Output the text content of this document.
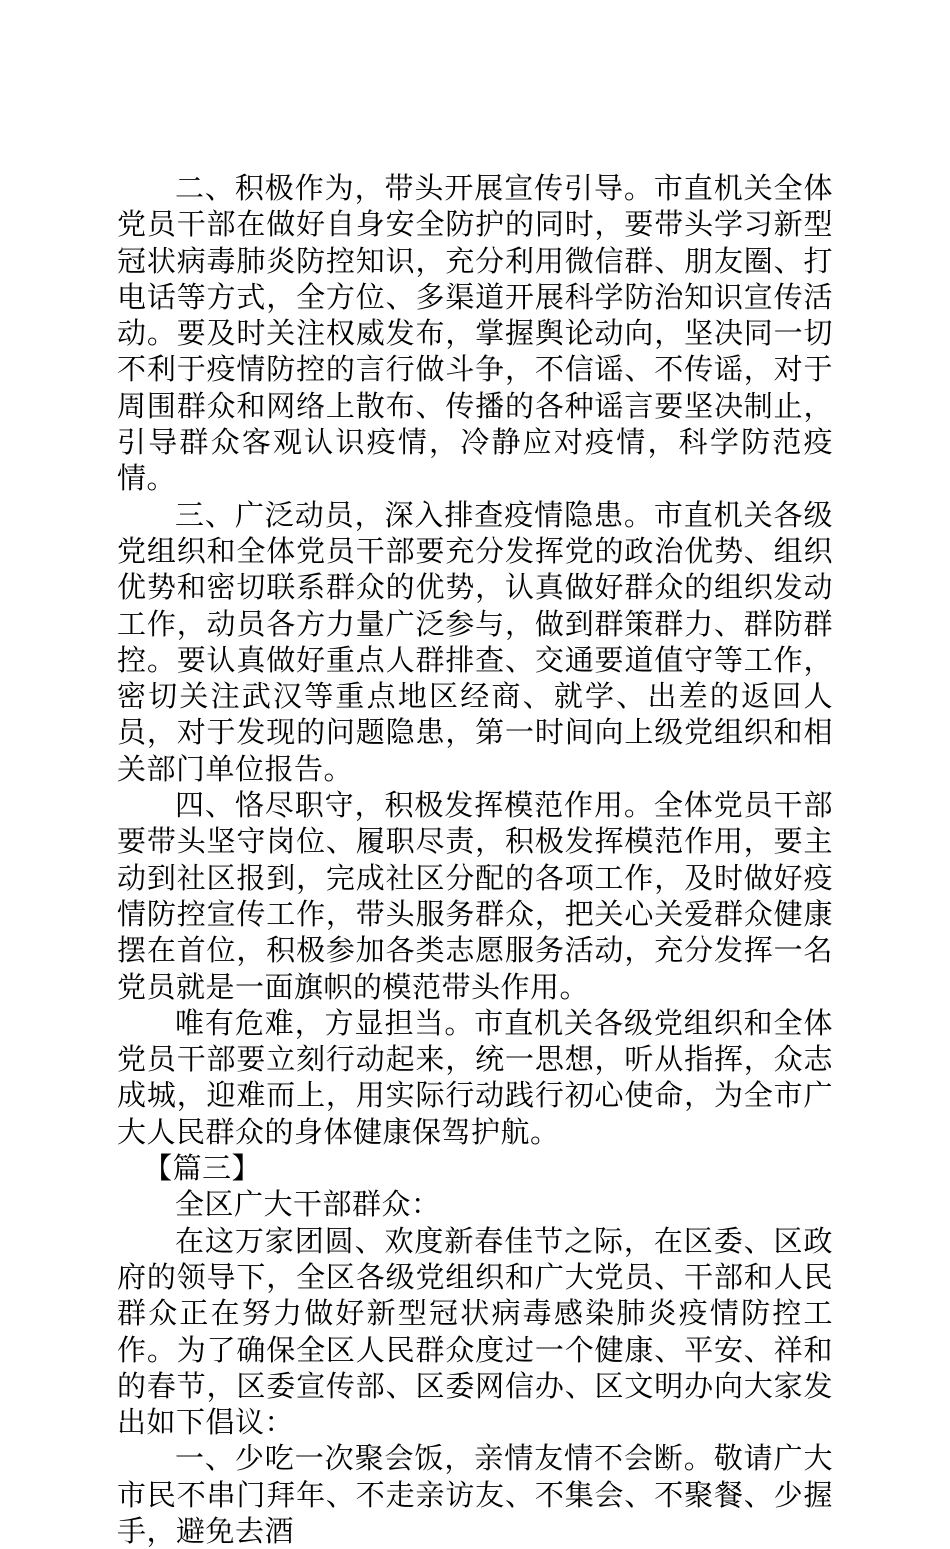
二、积极作为，带头开展宣传引导。市直机关全体党员干部在做好自身安全防护的同时，要带头学习新型冠状病毒肺炎防控知识，充分利用微信群、朋友圈、打电话等方式，全方位、多渠道开展科学防治知识宣传活动。要及时关注权威发布，掌握舆论动向，坚决同一切不利于疫情防控的言行做斗争，不信谣、不传谣，对于周围群众和网络上散布、传播的各种谣言要坚决制止，引导群众客观认识疫情，冷静应对疫情，科学防范疫情。

三、广泛动员，深入排查疫情隐患。市直机关各级党组织和全体党员干部要充分发挥党的政治优势、组织优势和密切联系群众的优势，认真做好群众的组织发动工作，动员各方力量广泛参与，做到群策群力、群防群控。要认真做好重点人群排查、交通要道值守等工作，密切关注武汉等重点地区经商、就学、出差的返回人员，对于发现的问题隐患，第一时间向上级党组织和相关部门单位报告。

四、恪尽职守，积极发挥模范作用。全体党员干部要带头坚守岗位、履职尽责，积极发挥模范作用，要主动到社区报到，完成社区分配的各项工作，及时做好疫情防控宣传工作，带头服务群众，把关心关爱群众健康摆在首位，积极参加各类志愿服务活动，充分发挥一名党员就是一面旗帜的模范带头作用。

唯有危难，方显担当。市直机关各级党组织和全体党员干部要立刻行动起来，统一思想，听从指挥，众志成城，迎难而上，用实际行动践行初心使命，为全市广大人民群众的身体健康保驾护航。

【篇三】

全区广大干部群众：

在这万家团圆、欢度新春佳节之际，在区委、区政府的领导下，全区各级党组织和广大党员、干部和人民群众正在努力做好新型冠状病毒感染肺炎疫情防控工作。为了确保全区人民群众度过一个健康、平安、祥和的春节，区委宣传部、区委网信办、区文明办向大家发出如下倡议：

一、少吃一次聚会饭，亲情友情不会断。敬请广大市民不串门拜年、不走亲访友、不集会、不聚餐、少握手，避免去酒
